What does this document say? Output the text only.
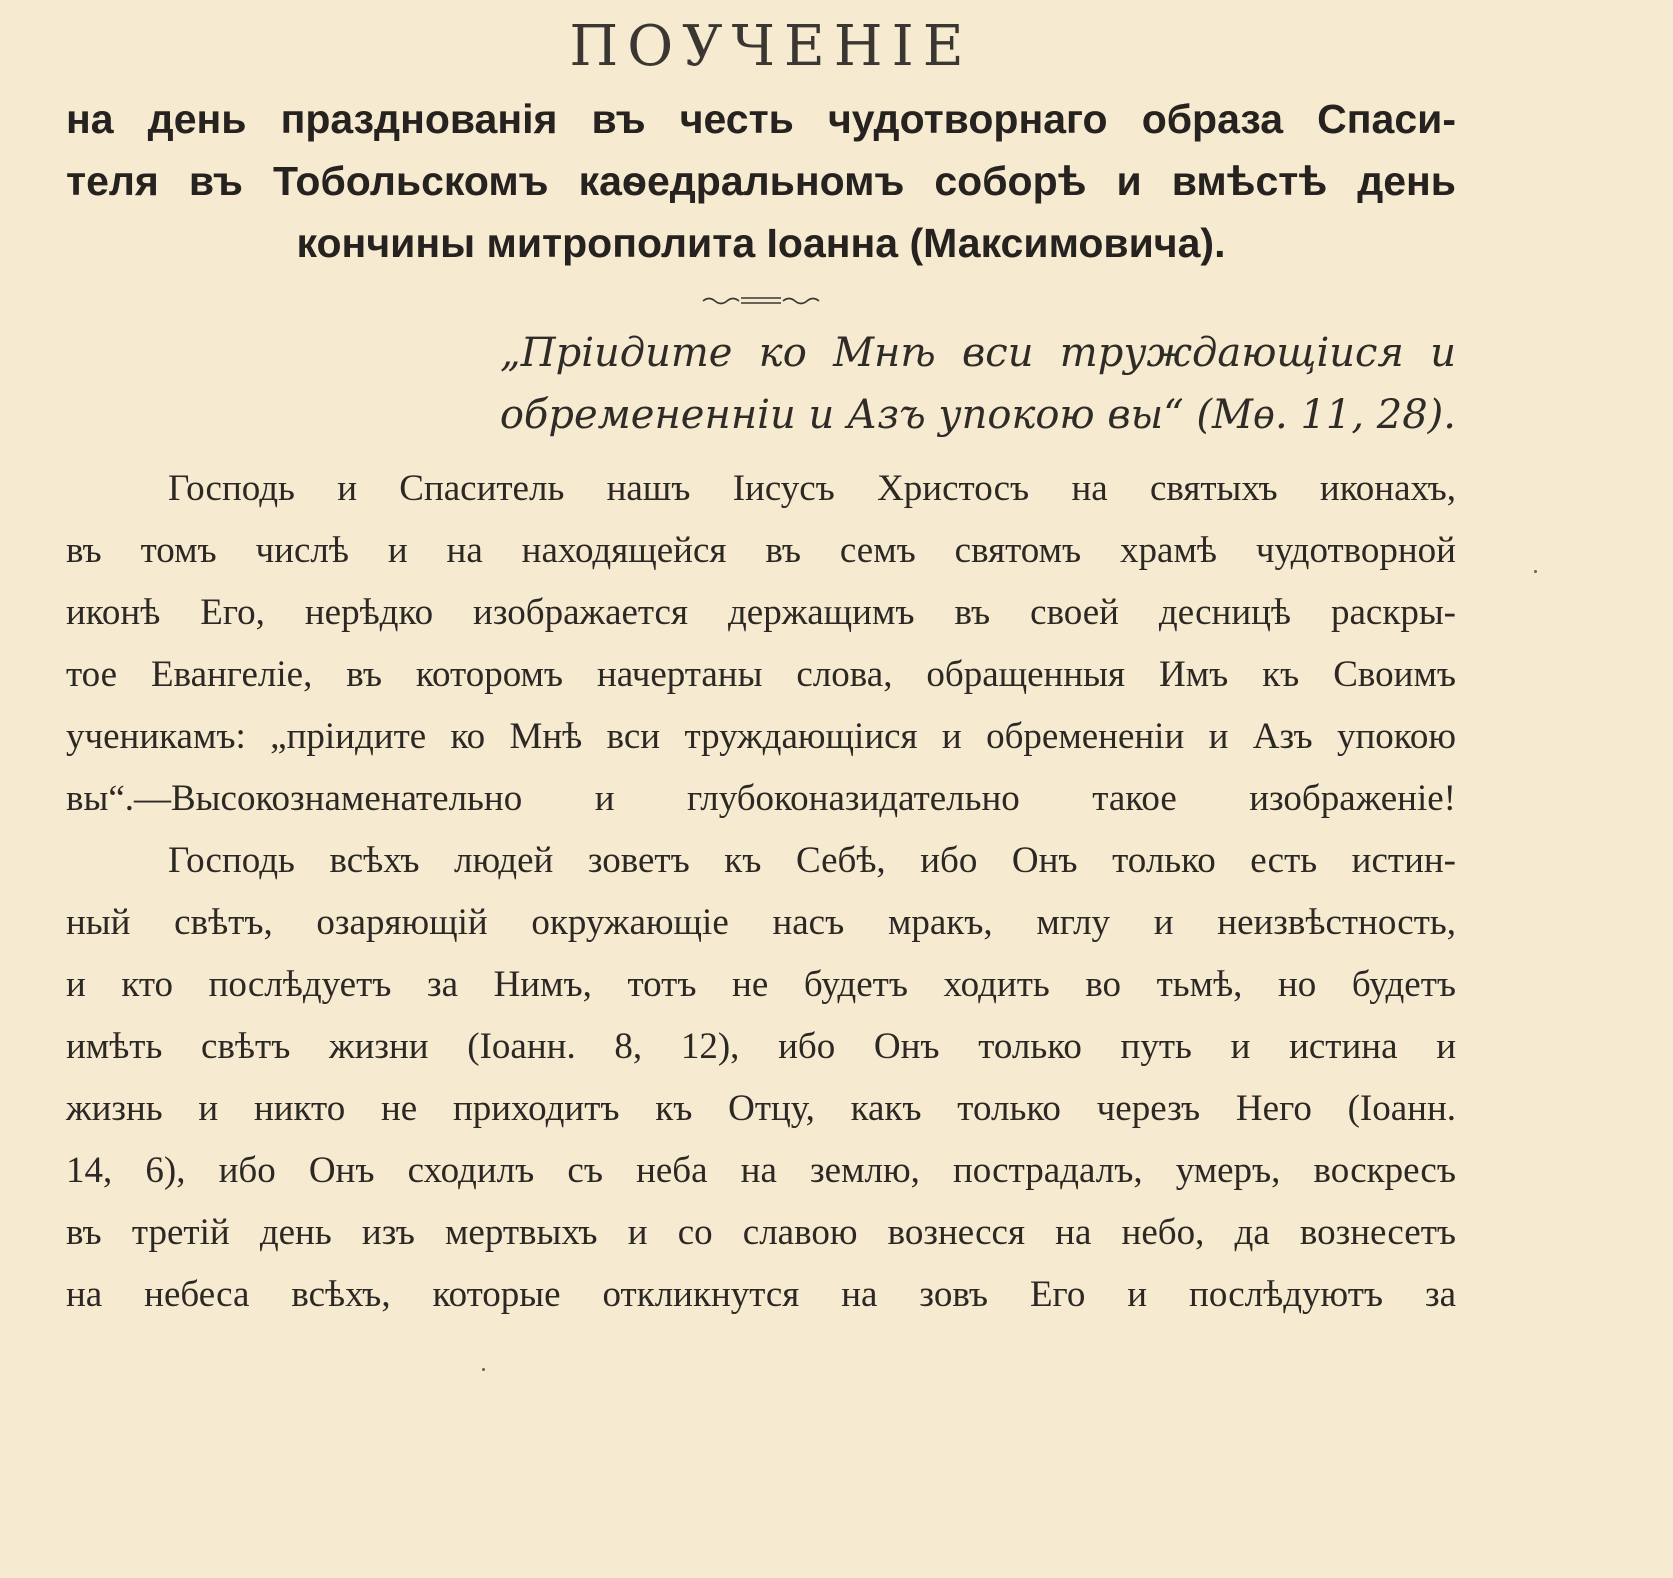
ПОУЧЕНІЕ
на день празднованія въ честь чудотворнаго образа Спаси-
теля въ Тобольскомъ каѳедральномъ соборѣ и вмѣстѣ день
кончины митрополита Іоанна (Максимовича).
„Пріидите ко Мнѣ вси труждающіися и
обремененніи и Азъ упокою вы“ (Мѳ. 11, 28).
Господь и Спаситель нашъ Іисусъ Христосъ на святыхъ иконахъ,
въ томъ числѣ и на находящейся въ семъ святомъ храмѣ чудотворной
иконѣ Его, нерѣдко изображается держащимъ въ своей десницѣ раскры-
тое Евангеліе, въ которомъ начертаны слова, обращенныя Имъ къ Своимъ
ученикамъ: „пріидите ко Мнѣ вси труждающіися и обремененіи и Азъ упокою
вы“.—Высокознаменательно и глубоконазидательно такое изображеніе!
Господь всѣхъ людей зоветъ къ Себѣ, ибо Онъ только есть истин-
ный свѣтъ, озаряющій окружающіе насъ мракъ, мглу и неизвѣстность,
и кто послѣдуетъ за Нимъ, тотъ не будетъ ходить во тьмѣ, но будетъ
имѣть свѣтъ жизни (Іоанн. 8, 12), ибо Онъ только путь и истина и
жизнь и никто не приходитъ къ Отцу, какъ только черезъ Него (Іоанн.
14, 6), ибо Онъ сходилъ съ неба на землю, пострадалъ, умеръ, воскресъ
въ третій день изъ мертвыхъ и со славою вознесся на небо, да вознесетъ
на небеса всѣхъ, которые откликнутся на зовъ Его и послѣдуютъ за
